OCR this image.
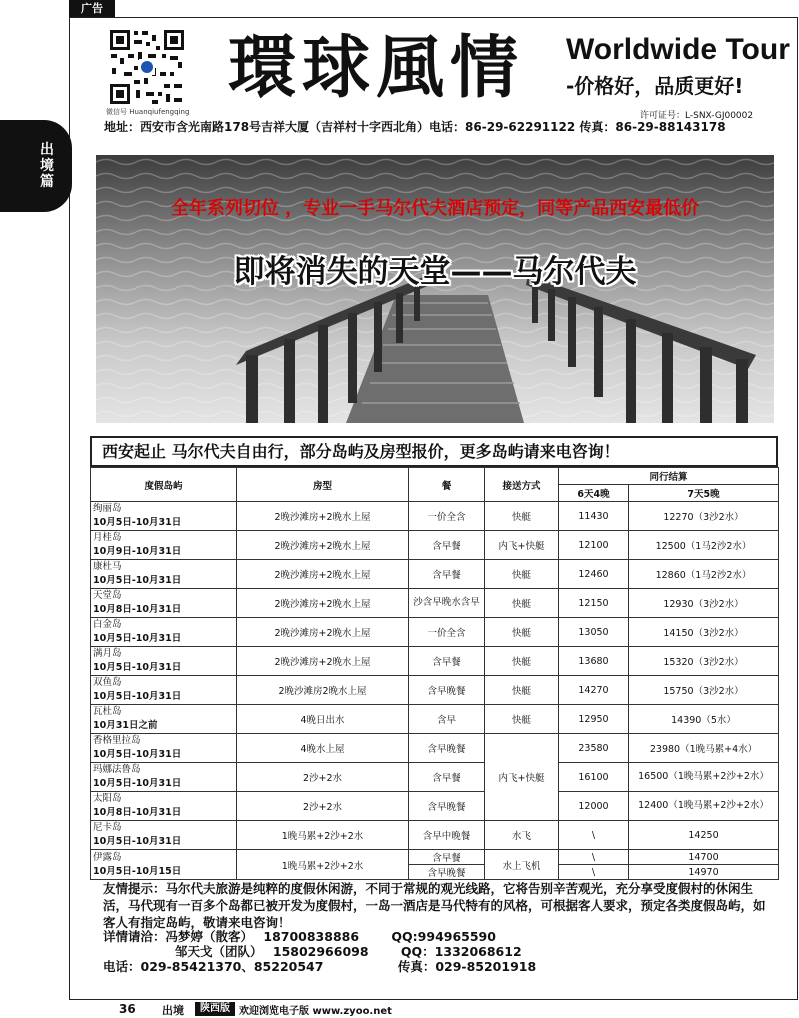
广告
出境篇
微信号 Huanqiufengqing
環球風情 Worldwide Tour
-价格好，品质更好!
许可证号：L-SNX-GJ00002
地址：西安市含光南路178号吉祥大厦（吉祥村十字西北角）电话：86-29-62291122 传真：86-29-88143178
全年系列切位 ，专业一手马尔代夫酒店预定，同等产品西安最低价
即将消失的天堂——马尔代夫
西安起止 马尔代夫自由行，部分岛屿及房型报价，更多岛屿请来电咨询！
度假岛屿	房型	餐	接送方式	同行结算	
				6天4晚	7天5晚

绚丽岛
10月5日-10月31日	2晚沙滩房+2晚水上屋	一价全含	快艇	11430	12270（3沙2水）

月桂岛
10月9日-10月31日	2晚沙滩房+2晚水上屋	含早餐	内飞+快艇	12100	12500（1马2沙2水）

康杜马
10月5日-10月31日	2晚沙滩房+2晚水上屋	含早餐	快艇	12460	12860（1马2沙2水）

天堂岛
10月8日-10月31日	2晚沙滩房+2晚水上屋	沙含早晚水含早	快艇	12150	12930（3沙2水）

白金岛
10月5日-10月31日	2晚沙滩房+2晚水上屋	一价全含	快艇	13050	14150（3沙2水）

满月岛
10月5日-10月31日	2晚沙滩房+2晚水上屋	含早餐	快艇	13680	15320（3沙2水）

双鱼岛
10月5日-10月31日	2晚沙滩房2晚水上屋	含早晚餐	快艇	14270	15750（3沙2水）

瓦杜岛
10月31日之前	4晚日出水	含早	快艇	12950	14390（5水）

香格里拉岛
10月5日-10月31日	4晚水上屋	含早晚餐	内飞+快艇	23580	23980（1晚马累+4水）

玛娜法鲁岛
10月5日-10月31日	2沙+2水	含早餐		16100	16500（1晚马累+2沙+2水）

太阳岛
10月8日-10月31日	2沙+2水	含早晚餐		12000	12400（1晚马累+2沙+2水）

尼卡岛
10月5日-10月31日	1晚马累+2沙+2水	含早中晚餐	水飞	\	14250

伊露岛
10月5日-10月15日	1晚马累+2沙+2水	含早餐	水上飞机	\	14700
		含早晚餐		\	14970
友情提示：马尔代夫旅游是纯粹的度假休闲游，不同于常规的观光线路，它将告别辛苦观光，充分享受度假村的休闲生活，马代现有一百多个岛都已被开发为度假村，一岛一酒店是马代特有的风格，可根据客人要求，预定各类度假岛屿，如客人有指定岛屿，敬请来电咨询！
详情请洽：冯梦婷（散客） 18700838886	QQ:994965590
邹天戈（团队） 15802966098	QQ：1332068612
电话：029-85421370、85220547	传真：029-85201918
36 出境	陕西版 欢迎浏览电子版 www.zyoo.net
